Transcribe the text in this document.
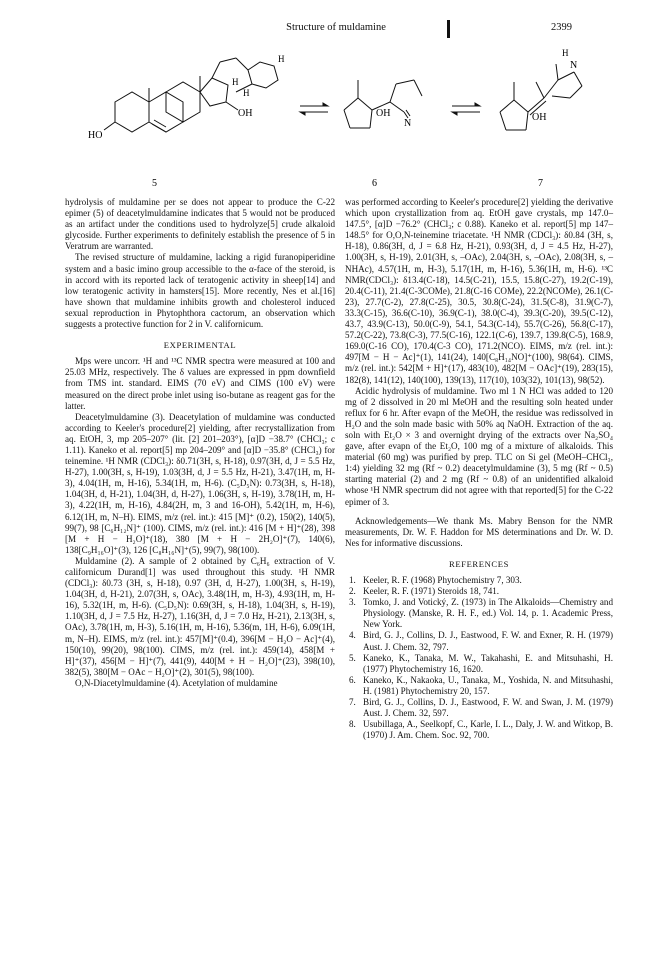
Structure of muldamine	2399
HO
OH
H
H
H
N
OH
N
H
OH
5	6	7

hydrolysis of muldamine per se does not appear to produce the C-22 epimer (5) of deacetylmuldamine indicates that 5 would not be produced as an artifact under the conditions used to hydrolyze[5] crude alkaloid glycoside. Further experiments to definitely establish the presence of 5 in Veratrum are warranted.

The revised structure of muldamine, lacking a rigid furanopiperidine system and a basic imino group accessible to the α-face of the steroid, is in accord with its reported lack of teratogenic activity in sheep[14] and low teratogenic activity in hamsters[15]. More recently, Nes et al.[16] have shown that muldamine inhibits growth and cholesterol induced sexual reproduction in Phytophthora cactorum, an observation which suggests a protective function for 2 in V. californicum.

EXPERIMENTAL

Mps were uncorr. ¹H and ¹³C NMR spectra were measured at 100 and 25.03 MHz, respectively. The δ values are expressed in ppm downfield from TMS int. standard. EIMS (70 eV) and CIMS (100 eV) were measured on the direct probe inlet using iso-butane as reagent gas for the latter.

Deacetylmuldamine (3). Deacetylation of muldamine was conducted according to Keeler's procedure[2] yielding, after recrystallization from aq. EtOH, 3, mp 205–207° (lit. [2] 201–203°), [α]D −38.7° (CHCl₃; c 1.11). Kaneko et al. report[5] mp 204–209° and [α]D −35.8° (CHCl₃) for teinemine. ¹H NMR (CDCl₃): δ0.71(3H, s, H-18), 0.97(3H, d, J = 5.5 Hz, H-27), 1.00(3H, s, H-19), 1.03(3H, d, J = 5.5 Hz, H-21), 3.47(1H, m, H-3), 4.04(1H, m, H-16), 5.34(1H, m, H-6). (C₅D₅N): 0.73(3H, s, H-18), 1.04(3H, d, H-21), 1.04(3H, d, H-27), 1.06(3H, s, H-19), 3.78(1H, m, H-3), 4.22(1H, m, H-16), 4.84(2H, m, 3 and 16-OH), 5.42(1H, m, H-6), 6.12(1H, m, N–H). EIMS, m/z (rel. int.): 415 [M]⁺ (0.2), 150(2), 140(5), 99(7), 98 [C₆H₁₂N]⁺ (100). CIMS, m/z (rel. int.): 416 [M + H]⁺(28), 398 [M + H − H₂O]⁺(18), 380 [M + H − 2H₂O]⁺(7), 140(6), 138[C₉H₁₆O]⁺(3), 126 [C₈H₁₆N]⁺(5), 99(7), 98(100).

Muldamine (2). A sample of 2 obtained by C₆H₆ extraction of V. californicum Durand[1] was used throughout this study. ¹H NMR (CDCl₃): δ0.73 (3H, s, H-18), 0.97 (3H, d, H-27), 1.00(3H, s, H-19), 1.04(3H, d, H-21), 2.07(3H, s, OAc), 3.48(1H, m, H-3), 4.93(1H, m, H-16), 5.32(1H, m, H-6). (C₅D₅N): 0.69(3H, s, H-18), 1.04(3H, s, H-19), 1.10(3H, d, J = 7.5 Hz, H-27), 1.16(3H, d, J = 7.0 Hz, H-21), 2.13(3H, s, OAc), 3.78(1H, m, H-3), 5.16(1H, m, H-16), 5.36(m, 1H, H-6), 6.09(1H, m, N–H). EIMS, m/z (rel. int.): 457[M]⁺(0.4), 396[M − H₂O − Ac]⁺(4), 150(10), 99(20), 98(100). CIMS, m/z (rel. int.): 459(14), 458[M + H]⁺(37), 456[M − H]⁺(7), 441(9), 440[M + H − H₂O]⁺(23), 398(10), 382(5), 380[M − OAc − H₂O]⁺(2), 301(5), 98(100).

O,N-Diacetylmuldamine (4). Acetylation of muldamine

was performed according to Keeler's procedure[2] yielding the derivative which upon crystallization from aq. EtOH gave crystals, mp 147.0–147.5°, [α]D −76.2° (CHCl₃; c 0.88). Kaneko et al. report[5] mp 147–148.5° for O,O,N-teinemine triacetate. ¹H NMR (CDCl₃): δ0.84 (3H, s, H-18), 0.86(3H, d, J = 6.8 Hz, H-21), 0.93(3H, d, J = 4.5 Hz, H-27), 1.00(3H, s, H-19), 2.01(3H, s, –OAc), 2.04(3H, s, –OAc), 2.08(3H, s, –NHAc), 4.57(1H, m, H-3), 5.17(1H, m, H-16), 5.36(1H, m, H-6). ¹³C NMR(CDCl₃): δ13.4(C-18), 14.5(C-21), 15.5, 15.8(C-27), 19.2(C-19), 20.4(C-11), 21.4(C-3COMe), 21.8(C-16 COMe), 22.2(NCOMe), 26.1(C-23), 27.7(C-2), 27.8(C-25), 30.5, 30.8(C-24), 31.5(C-8), 31.9(C-7), 33.3(C-15), 36.6(C-10), 36.9(C-1), 38.0(C-4), 39.3(C-20), 39.5(C-12), 43.7, 43.9(C-13), 50.0(C-9), 54.1, 54.3(C-14), 55.7(C-26), 56.8(C-17), 57.2(C-22), 73.8(C-3), 77.5(C-16), 122.1(C-6), 139.7, 139.8(C-5), 168.9, 169.0(C-16 CO), 170.4(C-3 CO), 171.2(NCO). EIMS, m/z (rel. int.): 497[M − H − Ac]⁺(1), 141(24), 140[C₈H₁₄NO]⁺(100), 98(64). CIMS, m/z (rel. int.): 542[M + H]⁺(17), 483(10), 482[M − OAc]⁺(19), 283(15), 182(8), 141(12), 140(100), 139(13), 117(10), 103(32), 101(13), 98(52).

Acidic hydrolysis of muldamine. Two ml 1 N HCl was added to 120 mg of 2 dissolved in 20 ml MeOH and the resulting soln heated under reflux for 6 hr. After evapn of the MeOH, the residue was redissolved in H₂O and the soln made basic with 50% aq NaOH. Extraction of the aq. soln with Et₂O × 3 and overnight drying of the extracts over Na₂SO₄ gave, after evapn of the Et₂O, 100 mg of a mixture of alkaloids. This material (60 mg) was purified by prep. TLC on Si gel (MeOH–CHCl₃, 1:4) yielding 32 mg (Rf ~ 0.2) deacetylmuldamine (3), 5 mg (Rf ~ 0.5) starting material (2) and 2 mg (Rf ~ 0.8) of an unidentified alkaloid whose ¹H NMR spectrum did not agree with that reported[5] for the C-22 epimer of 3.

Acknowledgements—We thank Ms. Mabry Benson for the NMR measurements, Dr. W. F. Haddon for MS determinations and Dr. W. D. Nes for informative discussions.

REFERENCES
1. Keeler, R. F. (1968) Phytochemistry 7, 303.
2. Keeler, R. F. (1971) Steroids 18, 741.
3. Tomko, J. and Votický, Z. (1973) in The Alkaloids—Chemistry and Physiology. (Manske, R. H. F., ed.) Vol. 14, p. 1. Academic Press, New York.
4. Bird, G. J., Collins, D. J., Eastwood, F. W. and Exner, R. H. (1979) Aust. J. Chem. 32, 797.
5. Kaneko, K., Tanaka, M. W., Takahashi, E. and Mitsuhashi, H. (1977) Phytochemistry 16, 1620.
6. Kaneko, K., Nakaoka, U., Tanaka, M., Yoshida, N. and Mitsuhashi, H. (1981) Phytochemistry 20, 157.
7. Bird, G. J., Collins, D. J., Eastwood, F. W. and Swan, J. M. (1979) Aust. J. Chem. 32, 597.
8. Usubillaga, A., Seelkopf, C., Karle, I. L., Daly, J. W. and Witkop, B. (1970) J. Am. Chem. Soc. 92, 700.
